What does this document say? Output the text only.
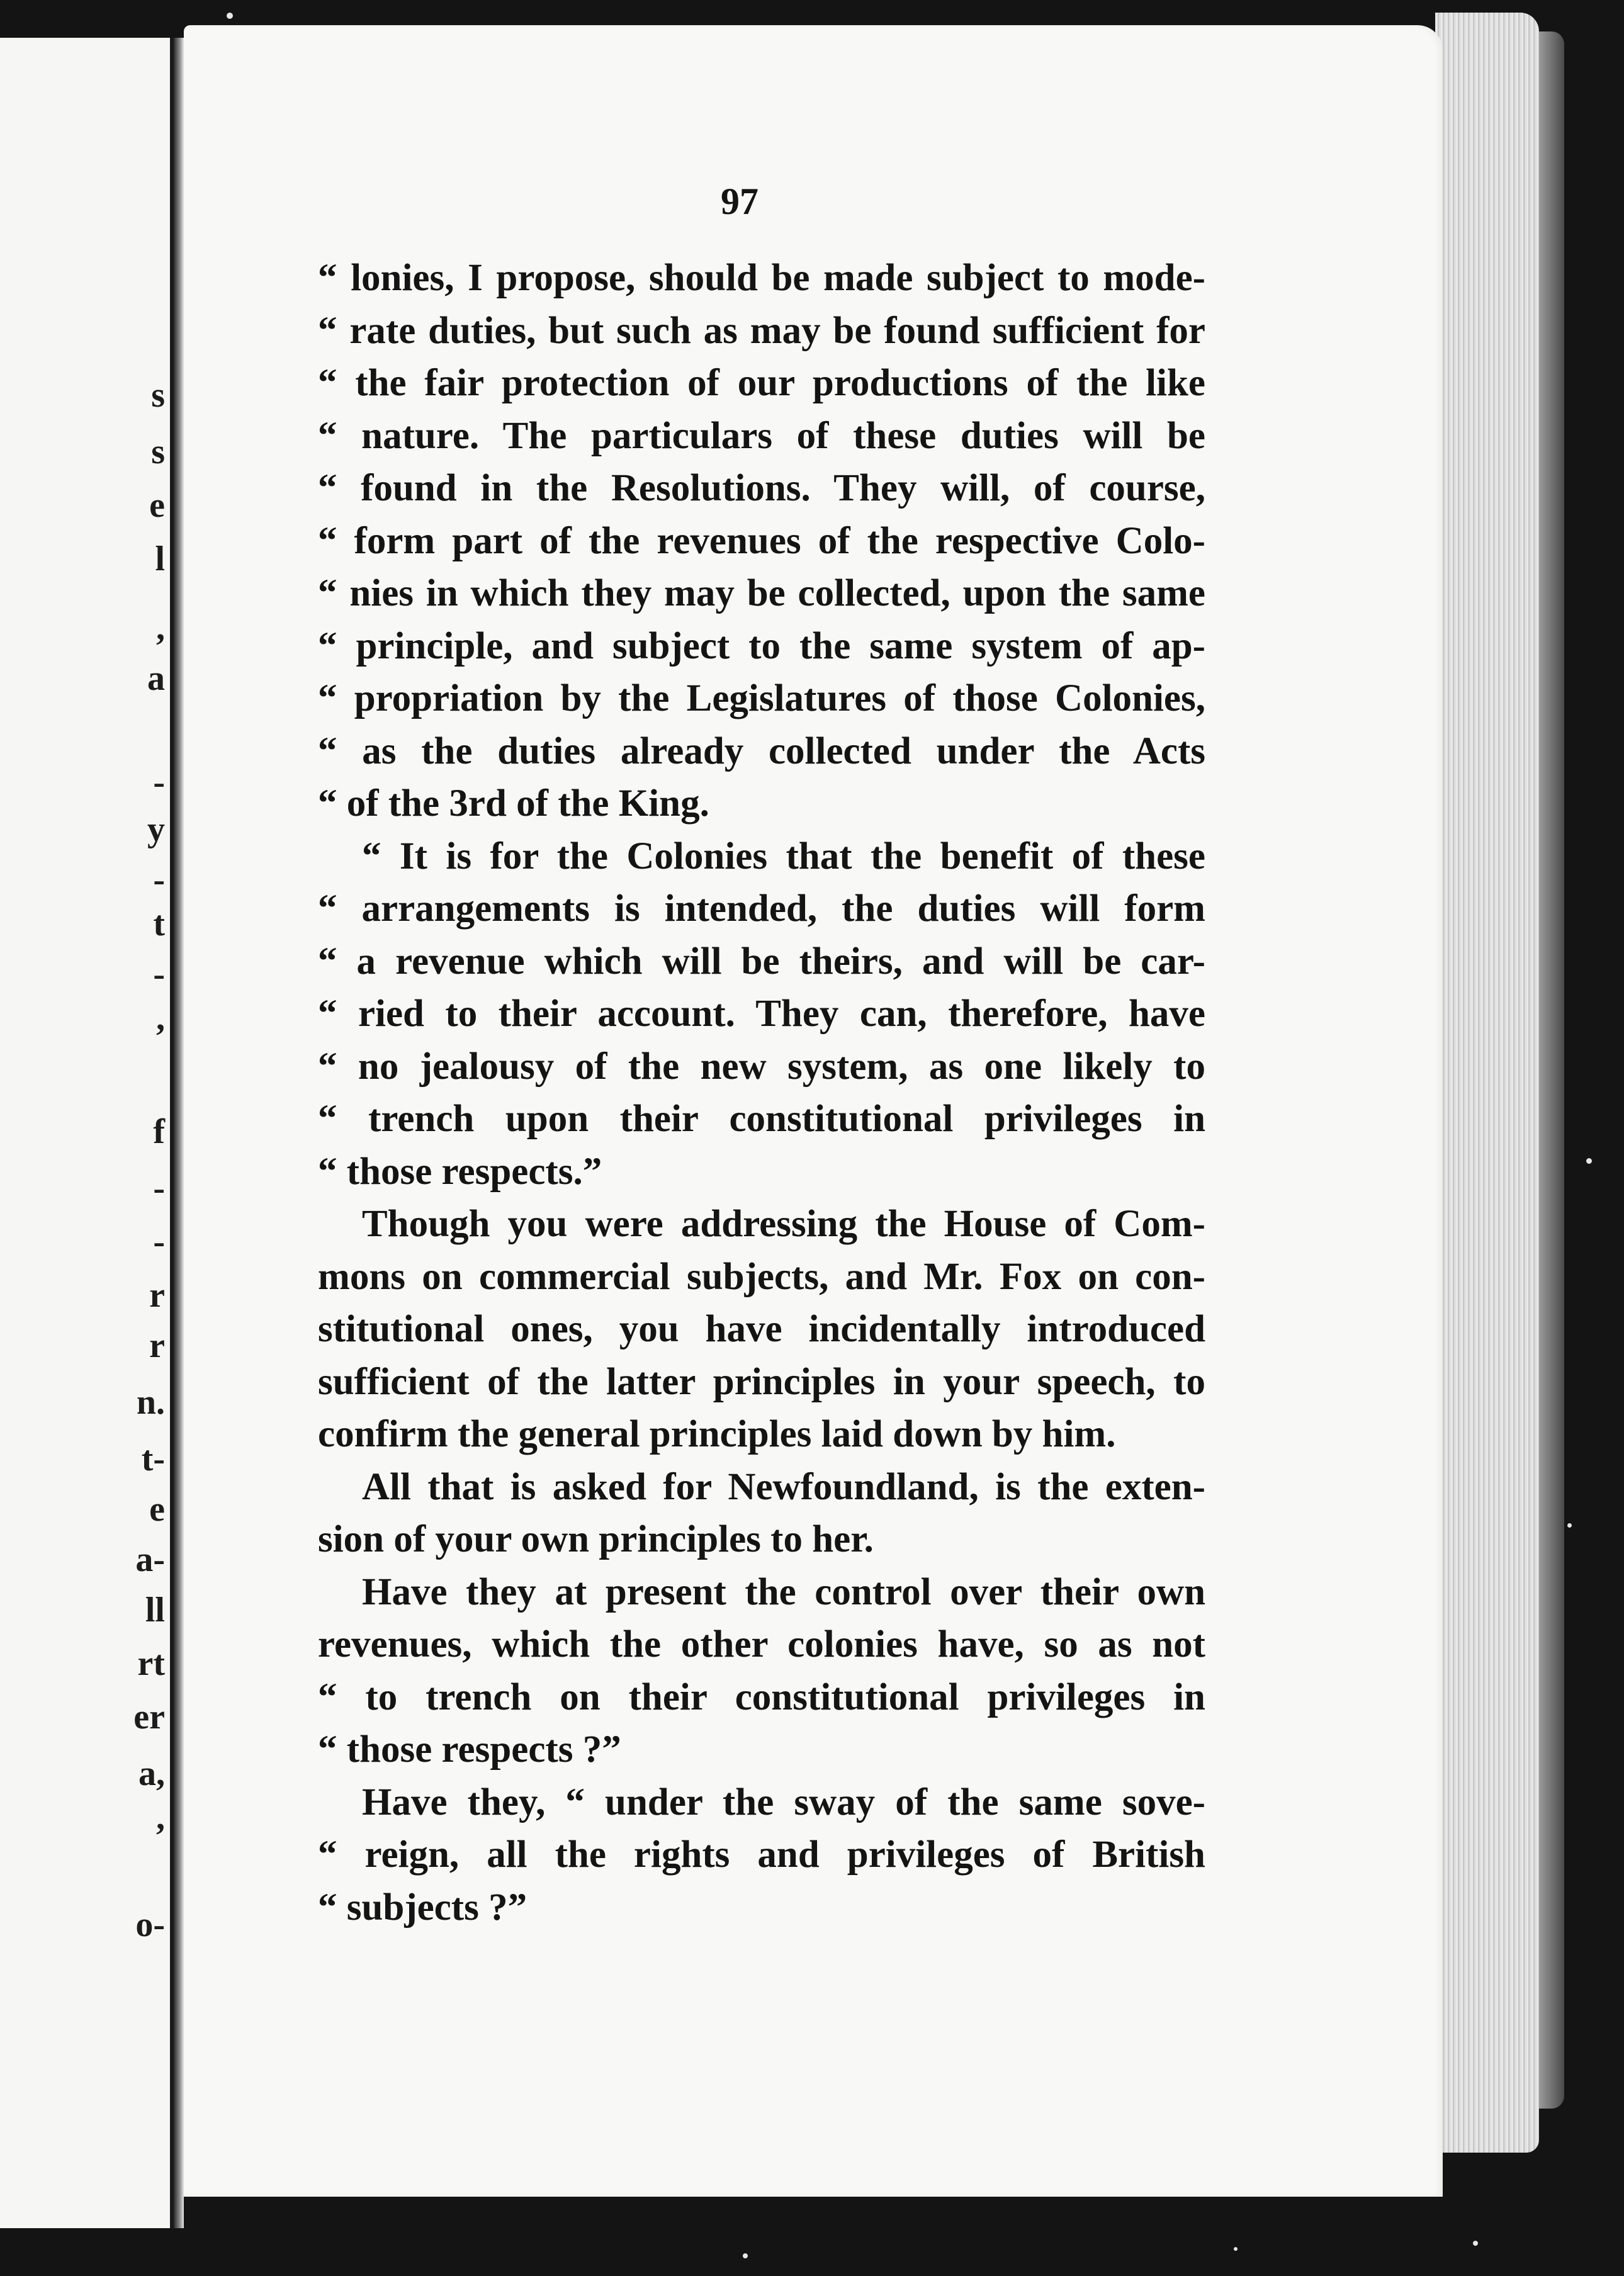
s
s
e
l
,
a
-
y
-
t
-
,
f
-
-
r
r
n.
t-
e
a-
ll
rt
er
a,
,
o-
97
“ lonies, I propose, should be made subject to mode-
“ rate duties, but such as may be found sufficient for
“ the fair protection of our productions of the like
“ nature. The particulars of these duties will be
“ found in the Resolutions. They will, of course,
“ form part of the revenues of the respective Colo-
“ nies in which they may be collected, upon the same
“ principle, and subject to the same system of ap-
“ propriation by the Legislatures of those Colonies,
“ as the duties already collected under the Acts
“ of the 3rd of the King.
“ It is for the Colonies that the benefit of these
“ arrangements is intended, the duties will form
“ a revenue which will be theirs, and will be car-
“ ried to their account. They can, therefore, have
“ no jealousy of the new system, as one likely to
“ trench upon their constitutional privileges in
“ those respects.”
Though you were addressing the House of Com-
mons on commercial subjects, and Mr. Fox on con-
stitutional ones, you have incidentally introduced
sufficient of the latter principles in your speech, to
confirm the general principles laid down by him.
All that is asked for Newfoundland, is the exten-
sion of your own principles to her.
Have they at present the control over their own
revenues, which the other colonies have, so as not
“ to trench on their constitutional privileges in
“ those respects ?”
Have they, “ under the sway of the same sove-
“ reign, all the rights and privileges of British
“ subjects ?”
